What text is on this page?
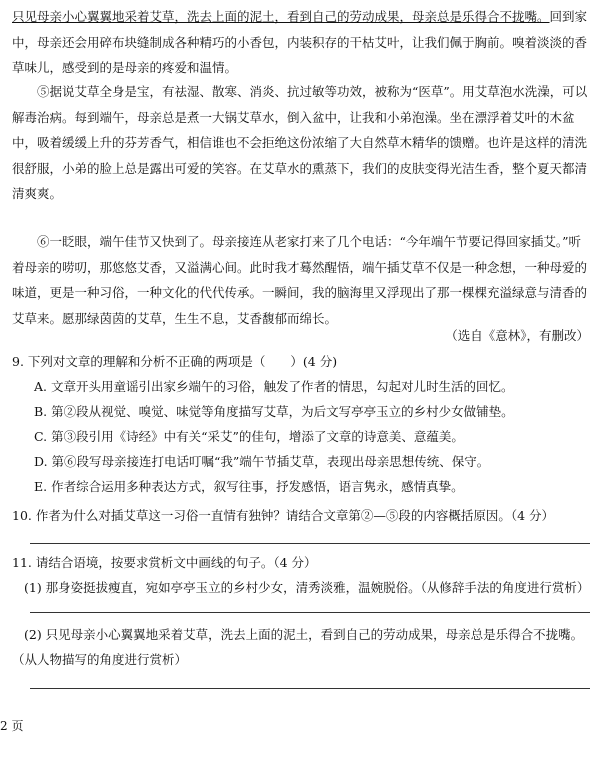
只见母亲小心翼翼地采着艾草，洗去上面的泥土，看到自己的劳动成果，母亲总是乐得合不拢嘴。回到家中，母亲还会用碎布块缝制成各种精巧的小香包，内装积存的干枯艾叶，让我们佩于胸前。嗅着淡淡的香草味儿，感受到的是母亲的疼爱和温情。

⑤据说艾草全身是宝，有祛湿、散寒、消炎、抗过敏等功效，被称为“医草”。用艾草泡水洗澡，可以解毒治病。每到端午，母亲总是煮一大锅艾草水，倒入盆中，让我和小弟泡澡。坐在漂浮着艾叶的木盆中，吸着缓缓上升的芬芳香气，相信谁也不会拒绝这份浓缩了大自然草木精华的馈赠。也许是这样的清洗很舒服，小弟的脸上总是露出可爱的笑容。在艾草水的熏蒸下，我们的皮肤变得光洁生香，整个夏天都清清爽爽。

⑥一眨眼，端午佳节又快到了。母亲接连从老家打来了几个电话：“今年端午节要记得回家插艾。”听着母亲的唠叨，那悠悠艾香，又溢满心间。此时我才蓦然醒悟，端午插艾草不仅是一种念想，一种母爱的味道，更是一种习俗，一种文化的代代传承。一瞬间，我的脑海里又浮现出了那一棵棵充溢绿意与清香的艾草来。愿那绿茵茵的艾草，生生不息，艾香馥郁而绵长。

（选自《意林》，有删改）

9. 下列对文章的理解和分析不正确的两项是（　　）(4 分)

A. 文章开头用童谣引出家乡端午的习俗，触发了作者的情思，勾起对儿时生活的回忆。

B. 第②段从视觉、嗅觉、味觉等角度描写艾草，为后文写亭亭玉立的乡村少女做铺垫。

C. 第③段引用《诗经》中有关“采艾”的佳句，增添了文章的诗意美、意蕴美。

D. 第⑥段写母亲接连打电话叮嘱“我”端午节插艾草，表现出母亲思想传统、保守。

E. 作者综合运用多种表达方式，叙写往事，抒发感悟，语言隽永，感情真挚。

10. 作者为什么对插艾草这一习俗一直情有独钟？请结合文章第②—⑤段的内容概括原因。（4 分）

11. 请结合语境，按要求赏析文中画线的句子。（4 分）

(1) 那身姿挺拔瘦直，宛如亭亭玉立的乡村少女，清秀淡雅，温婉脱俗。（从修辞手法的角度进行赏析）

(2) 只见母亲小心翼翼地采着艾草，洗去上面的泥土，看到自己的劳动成果，母亲总是乐得合不拢嘴。

（从人物描写的角度进行赏析）

2 页
